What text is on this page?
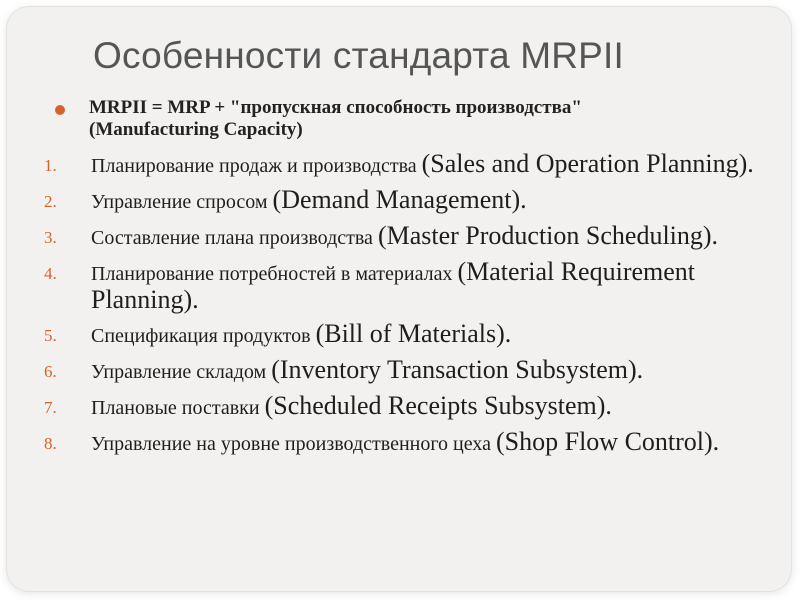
Особенности стандарта MRPII
MRPII = MRP + "пропускная способность производства"
(Manufacturing Capacity)
1. Планирование продаж и производства (Sales and Operation Planning).
2. Управление спросом (Demand Management).
3. Составление плана производства (Master Production Scheduling).
4. Планирование потребностей в материалах (Material Requirement Planning).
5. Спецификация продуктов (Bill of Materials).
6. Управление складом (Inventory Transaction Subsystem).
7. Плановые поставки (Scheduled Receipts Subsystem).
8. Управление на уровне производственного цеха (Shop Flow Control).
